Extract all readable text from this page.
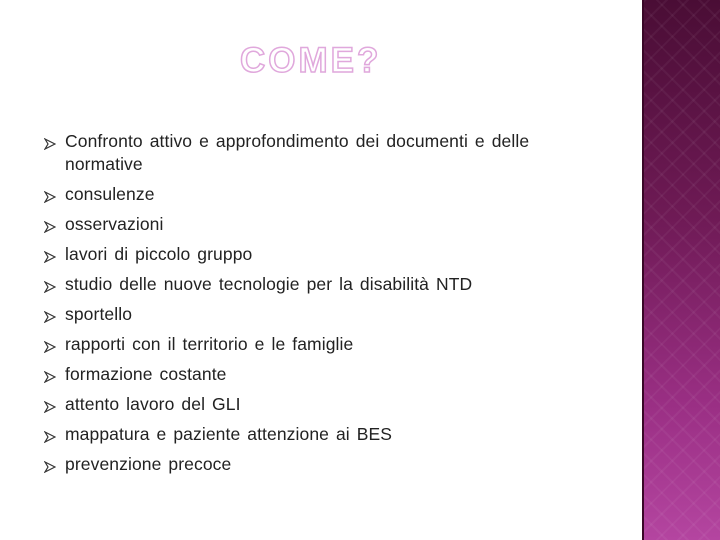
COME?
Confronto attivo e approfondimento dei documenti e delle normative
consulenze
osservazioni
lavori di piccolo gruppo
studio delle nuove tecnologie per la disabilità NTD
sportello
rapporti con il territorio e le famiglie
formazione costante
attento lavoro del GLI
mappatura e paziente attenzione ai BES
prevenzione precoce
